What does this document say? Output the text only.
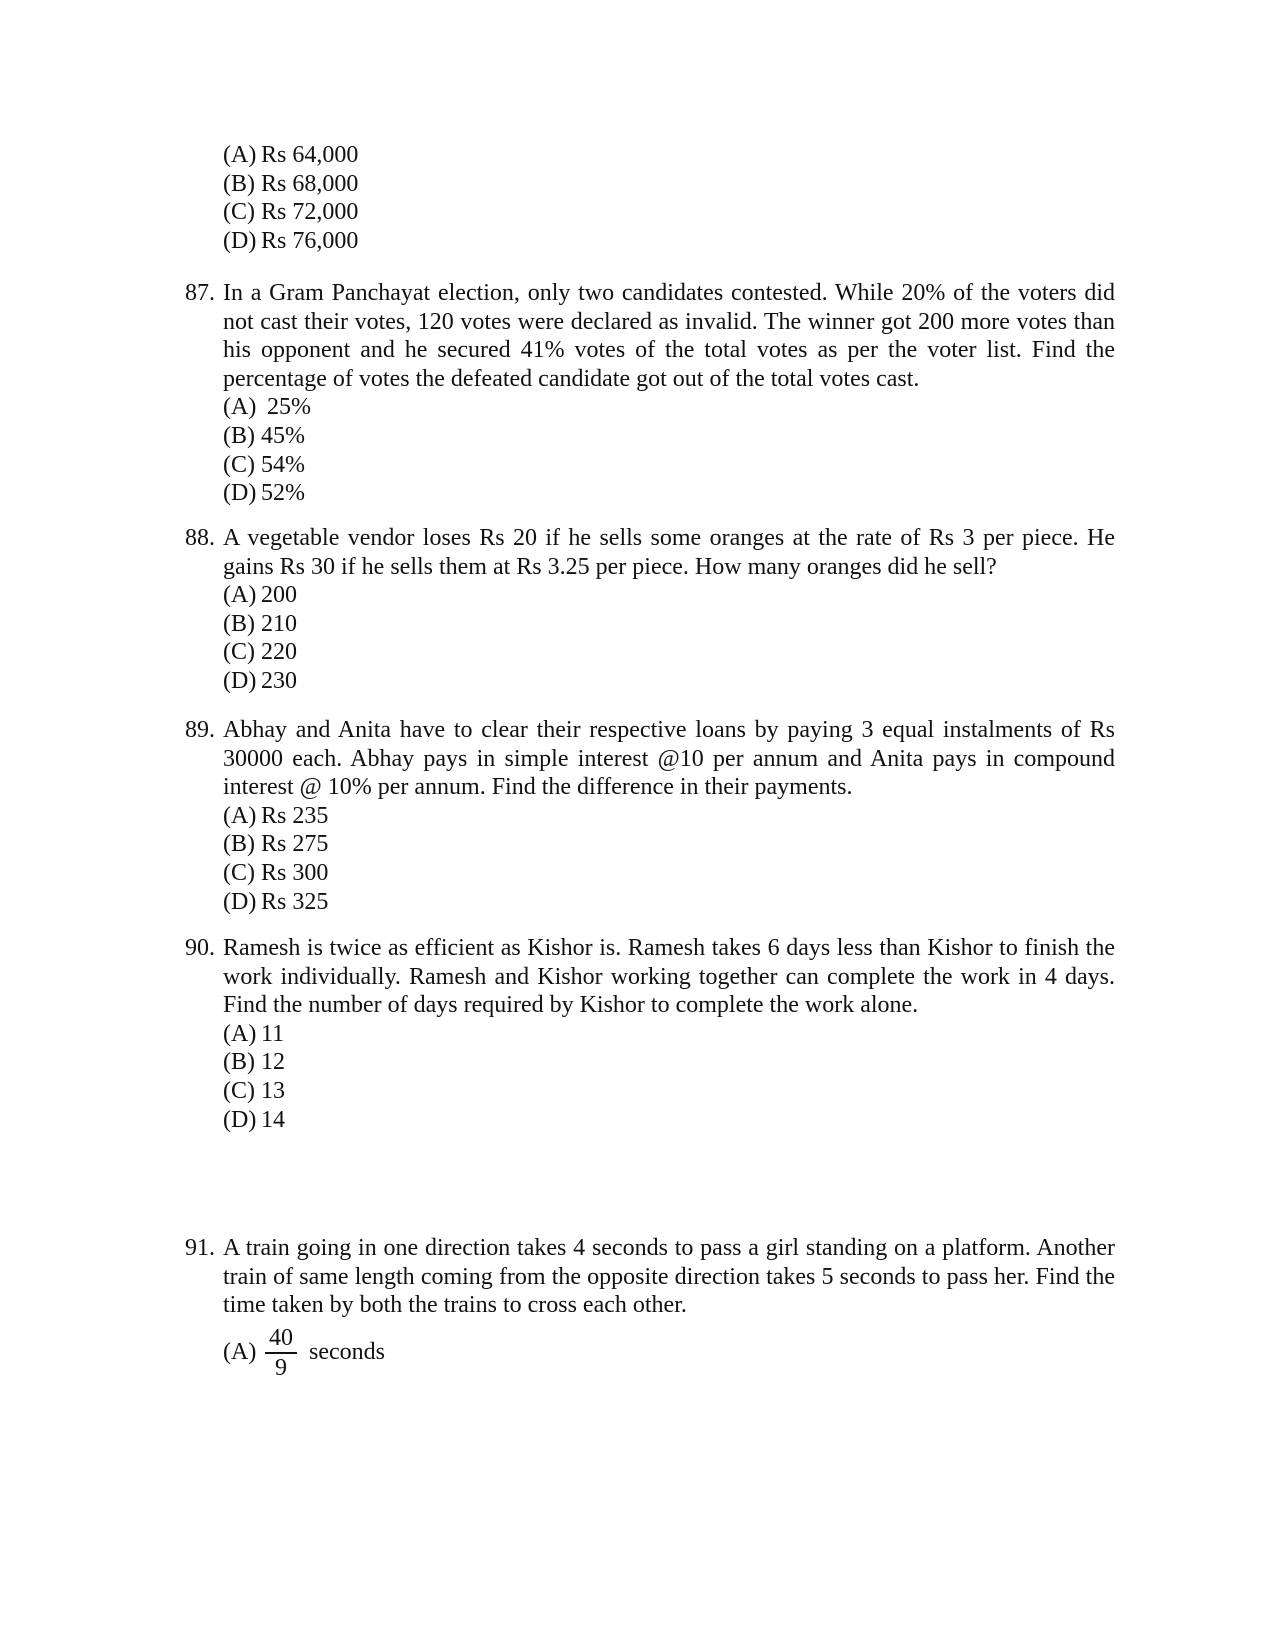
(A) Rs 64,000
(B) Rs 68,000
(C) Rs 72,000
(D) Rs 76,000
87. In a Gram Panchayat election, only two candidates contested. While 20% of the voters did not cast their votes, 120 votes were declared as invalid. The winner got 200 more votes than his opponent and he secured 41% votes of the total votes as per the voter list. Find the percentage of votes the defeated candidate got out of the total votes cast.
(A) 25%
(B) 45%
(C) 54%
(D) 52%
88. A vegetable vendor loses Rs 20 if he sells some oranges at the rate of Rs 3 per piece. He gains Rs 30 if he sells them at Rs 3.25 per piece. How many oranges did he sell?
(A) 200
(B) 210
(C) 220
(D) 230
89. Abhay and Anita have to clear their respective loans by paying 3 equal instalments of Rs 30000 each. Abhay pays in simple interest @10 per annum and Anita pays in compound interest @ 10% per annum. Find the difference in their payments.
(A) Rs 235
(B) Rs 275
(C) Rs 300
(D) Rs 325
90. Ramesh is twice as efficient as Kishor is. Ramesh takes 6 days less than Kishor to finish the work individually. Ramesh and Kishor working together can complete the work in 4 days. Find the number of days required by Kishor to complete the work alone.
(A) 11
(B) 12
(C) 13
(D) 14
91. A train going in one direction takes 4 seconds to pass a girl standing on a platform. Another train of same length coming from the opposite direction takes 5 seconds to pass her. Find the time taken by both the trains to cross each other.
$(A) \frac{40}{9}$ seconds
